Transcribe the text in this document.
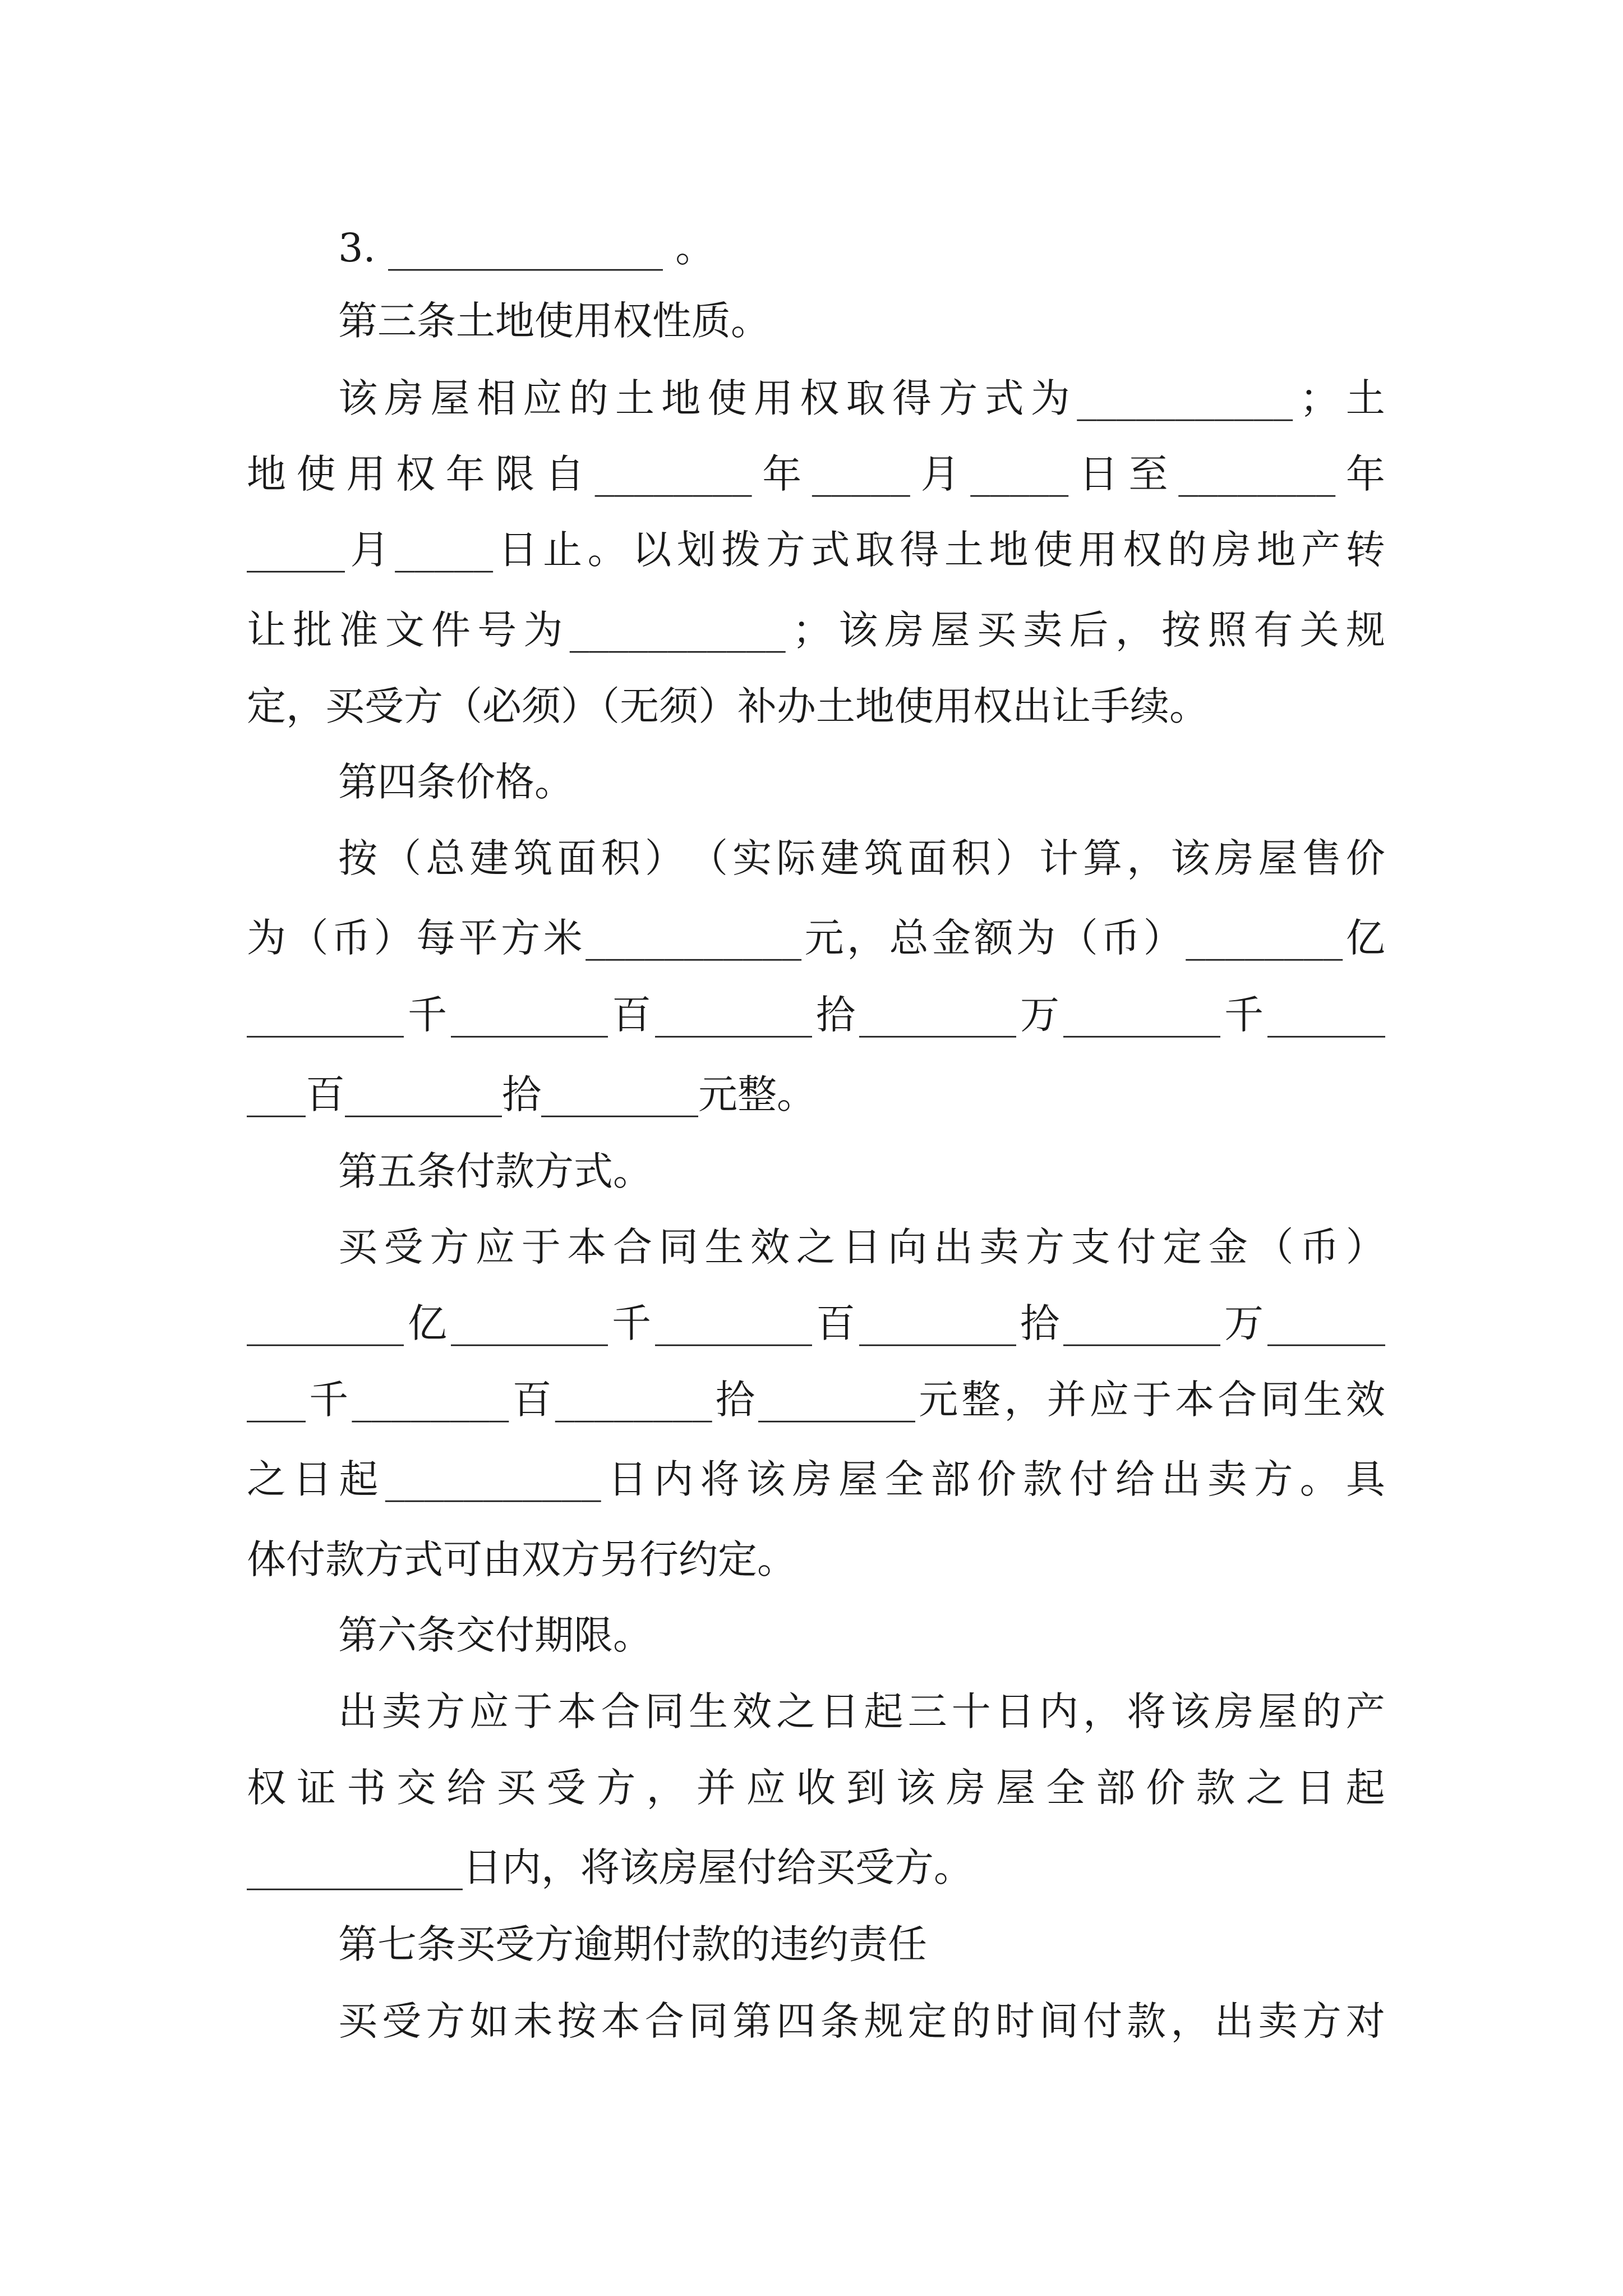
3. ______________ 。
第三条土地使用权性质。
该 房 屋 相 应 的 土 地 使 用 权 取 得 方 式 为 ___________ ； 土
地 使 用 权 年 限 自 ________ 年 _____ 月 _____ 日 至 ________ 年
_____ 月 _____ 日 止 。 以 划 拨 方 式 取 得 土 地 使 用 权 的 房 地 产 转
让 批 准 文 件 号 为 ___________ ； 该 房 屋 买 卖 后 ， 按 照 有 关 规
定，买受方（必须）（无须）补办土地使用权出让手续。
第四条价格。
按 （ 总 建 筑 面 积 ） （ 实 际 建 筑 面 积 ） 计 算 ， 该 房 屋 售 价
为 （ 币 ） 每 平 方 米 ___________ 元 ， 总 金 额 为 （ 币 ） ________ 亿
________ 千 ________ 百 ________ 拾 ________ 万 ________ 千 ______
___百________拾________元整。
第五条付款方式。
买 受 方 应 于 本 合 同 生 效 之 日 向 出 卖 方 支 付 定 金 （ 币 ）
________ 亿 ________ 千 ________ 百 ________ 拾 ________ 万 ______
___ 千 ________ 百 ________ 拾 ________ 元 整 ， 并 应 于 本 合 同 生 效
之 日 起 ___________ 日 内 将 该 房 屋 全 部 价 款 付 给 出 卖 方 。 具
体付款方式可由双方另行约定。
第六条交付期限。
出 卖 方 应 于 本 合 同 生 效 之 日 起 三 十 日 内 ， 将 该 房 屋 的 产
权 证 书 交 给 买 受 方 ， 并 应 收 到 该 房 屋 全 部 价 款 之 日 起
___________日内，将该房屋付给买受方。
第七条买受方逾期付款的违约责任
买 受 方 如 未 按 本 合 同 第 四 条 规 定 的 时 间 付 款 ， 出 卖 方 对
